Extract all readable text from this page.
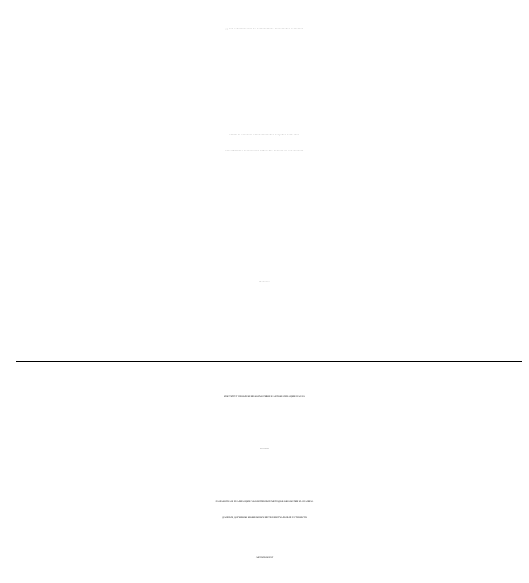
ՀՀ ԳԱԱ ԻՆՖՈՐՄԱՏԻԿԱՅԻ ԵՎ ԱՎՏՈՄԱՏԱՑՄԱՆ ՊՐՈԲԼԵՄՆԵՐԻ ԻՆՍՏԻՏՈՒՏ
ՇԱՐԺԱԿԱՆ «ԽԵԼԱՑԻ» ՍԱՐՔԱՎՈՐՈՒՄՆԵՐԻ ՏՎԻՉՆԵՐԻ ՏՎՅԱԼՆԵՐԻ
ՎԵՐԼՈՒԾՈՒԹՅԱՆ ԱՐԴՅՈՒՆԱՎԵՏ ՄԵԹՈԴՆԵՐԻ ՄՇԱԿՈՒՄ ԵՎ ԻՐԱԿԱՆԱՑՈՒՄ
ՍԵՂՄԱԳԻՐ
ИНСТИТУТ ПРОБЛЕМ ИНФОРМАТИКИ И АВТОМАТИЗАЦИИ НАН РА
Кагян Саак Игоревич
РАЗРАБОТКА И РЕАЛИЗАЦИЯ ЭФФЕКТИВНЫХ МЕТОДОВ ОБРАБОТКИ И АНАЛИЗА
ДАННЫХ ДАТЧИКОВ МОБИЛЬНЫХ ИНТЕЛЛЕКТУАЛЬНЫХ УСТРОЙСТВ
АВТОРЕФЕРАТ
